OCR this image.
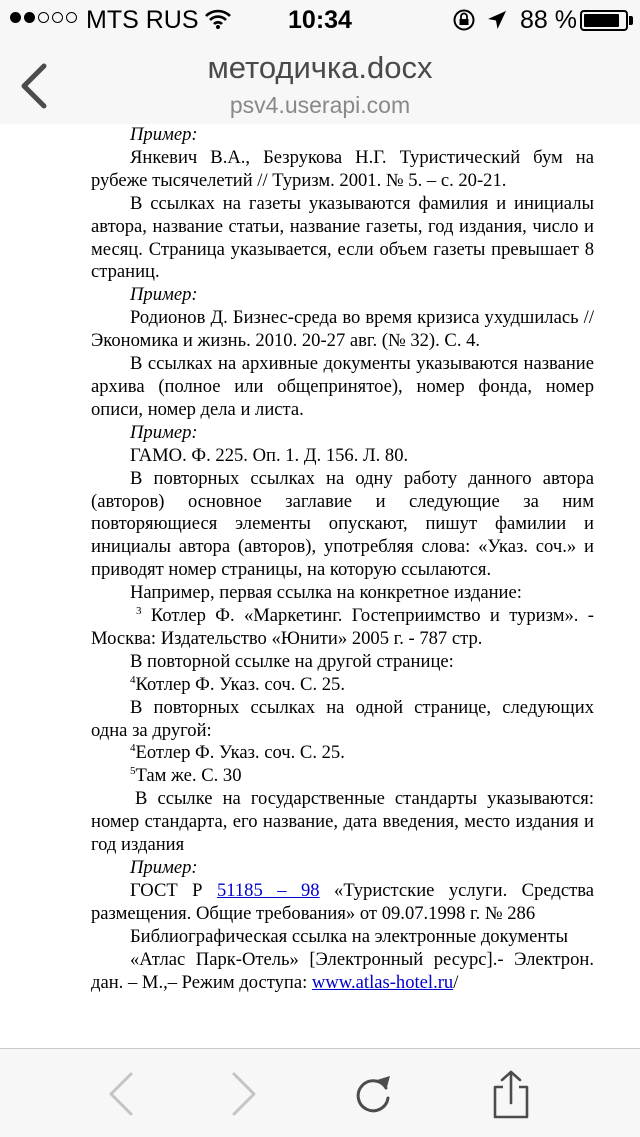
MTS RUS	10:34	88 %
методичка.docx
psv4.userapi.com

Пример:

Янкевич В.А., Безрукова Н.Г. Туристический бум на рубеже тысячелетий // Туризм. 2001. № 5. – с. 20-21.

В ссылках на газеты указываются фамилия и инициалы автора, название статьи, название газеты, год издания, число и месяц. Страница указывается, если объем газеты превышает 8 страниц.

Пример:

Родионов Д. Бизнес-среда во время кризиса ухудшилась // Экономика и жизнь. 2010. 20-27 авг. (№ 32). С. 4.

В ссылках на архивные документы указываются название архива (полное или общепринятое), номер фонда, номер описи, номер дела и листа.

Пример:

ГАМО. Ф. 225. Оп. 1. Д. 156. Л. 80.

В повторных ссылках на одну работу данного автора (авторов) основное заглавие и следующие за ним повторяющиеся элементы опускают, пишут фамилии и инициалы автора (авторов), употребляя слова: «Указ. соч.» и приводят номер страницы, на которую ссылаются.

Например, первая ссылка на конкретное издание:

$^3$ Котлер Ф. «Маркетинг. Гостеприимство и туризм». - Москва: Издательство «Юнити» 2005 г. - 787 стр.

В повторной ссылке на другой странице:

$^4$Котлер Ф. Указ. соч. С. 25.

В повторных ссылках на одной странице, следующих одна за другой:

$^4$Еотлер Ф. Указ. соч. С. 25.

$^5$Там же. С. 30

В ссылке на государственные стандарты указываются: номер стандарта, его название, дата введения, место издания и год издания

Пример:

ГОСТ Р 51185 – 98 «Туристские услуги. Средства размещения. Общие требования» от 09.07.1998 г. № 286

Библиографическая ссылка на электронные документы

«Атлас Парк-Отель» [Электронный ресурс].- Электрон. дан. – М.,– Режим доступа: www.atlas-hotel.ru/
